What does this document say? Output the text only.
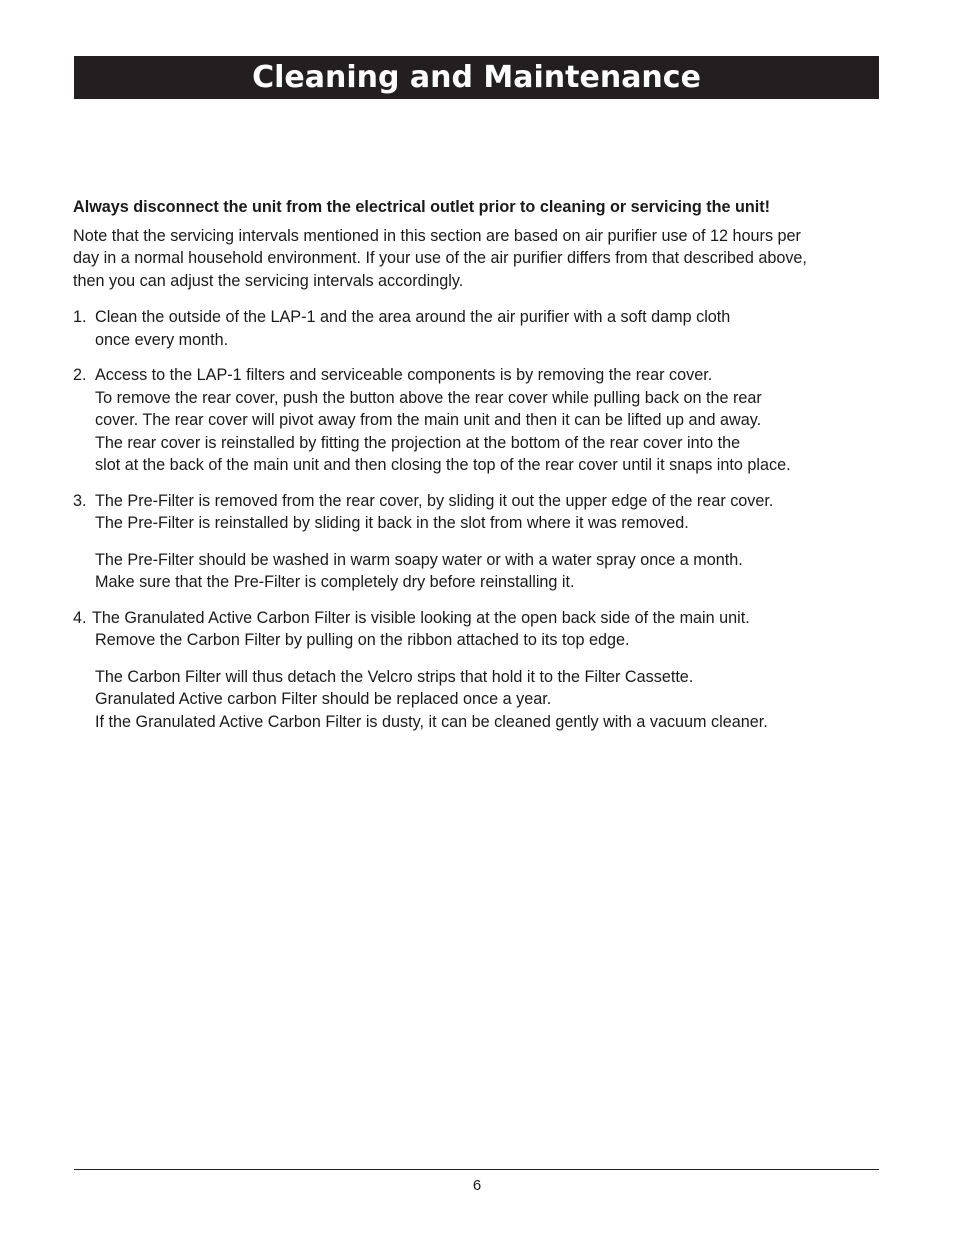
Cleaning and Maintenance

Always disconnect the unit from the electrical outlet prior to cleaning or servicing the unit!

Note that the servicing intervals mentioned in this section are based on air purifier use of 12 hours per
day in a normal household environment. If your use of the air purifier differs from that described above,
then you can adjust the servicing intervals accordingly.

1. Clean the outside of the LAP-1 and the area around the air purifier with a soft damp cloth
once every month.
2. Access to the LAP-1 filters and serviceable components is by removing the rear cover.
To remove the rear cover, push the button above the rear cover while pulling back on the rear
cover. The rear cover will pivot away from the main unit and then it can be lifted up and away.
The rear cover is reinstalled by fitting the projection at the bottom of the rear cover into the
slot at the back of the main unit and then closing the top of the rear cover until it snaps into place.
3. The Pre-Filter is removed from the rear cover, by sliding it out the upper edge of the rear cover.
The Pre-Filter is reinstalled by sliding it back in the slot from where it was removed.
The Pre-Filter should be washed in warm soapy water or with a water spray once a month.
Make sure that the Pre-Filter is completely dry before reinstalling it.
4. The Granulated Active Carbon Filter is visible looking at the open back side of the main unit.
Remove the Carbon Filter by pulling on the ribbon attached to its top edge.
The Carbon Filter will thus detach the Velcro strips that hold it to the Filter Cassette.
Granulated Active carbon Filter should be replaced once a year.
If the Granulated Active Carbon Filter is dusty, it can be cleaned gently with a vacuum cleaner.
6
